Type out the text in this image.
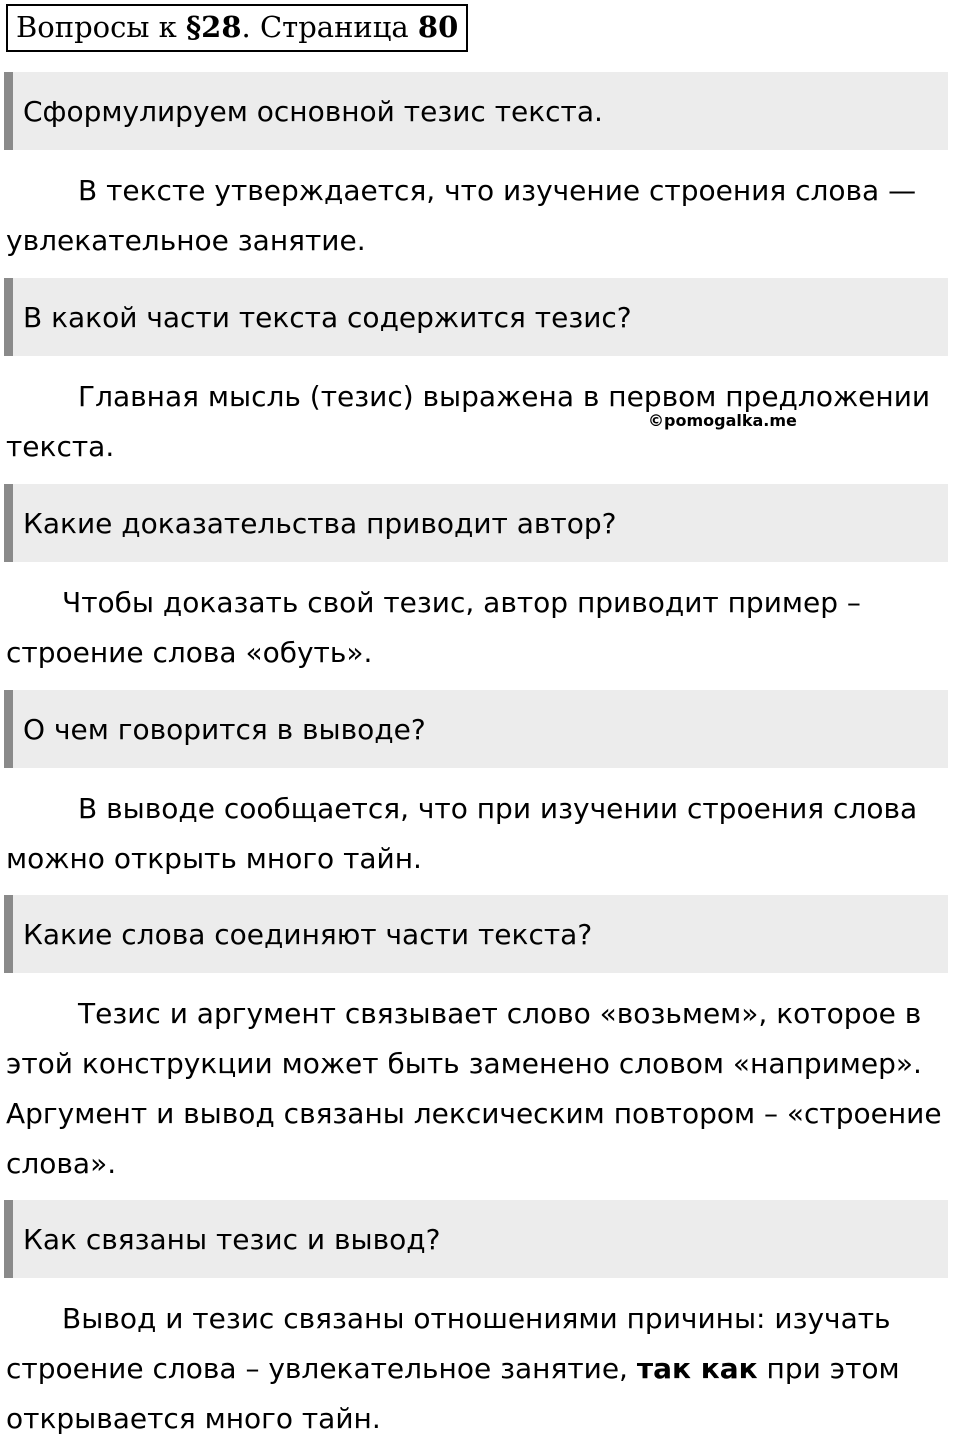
Вопросы к §28. Страница 80
Сформулируем основной тезис текста.
В тексте утверждается, что изучение строения слова — увлекательное занятие.
В какой части текста содержится тезис?
Главная мысль (тезис) выражена в первом предложении текста.
©pomogalka.me
Какие доказательства приводит автор?
Чтобы доказать свой тезис, автор приводит пример – строение слова «обуть».
О чем говорится в выводе?
В выводе сообщается, что при изучении строения слова можно открыть много тайн.
Какие слова соединяют части текста?
Тезис и аргумент связывает слово «возьмем», которое в этой конструкции может быть заменено словом «например». Аргумент и вывод связаны лексическим повтором – «строение слова».
Как связаны тезис и вывод?
Вывод и тезис связаны отношениями причины: изучать строение слова – увлекательное занятие, так как при этом открывается много тайн.
